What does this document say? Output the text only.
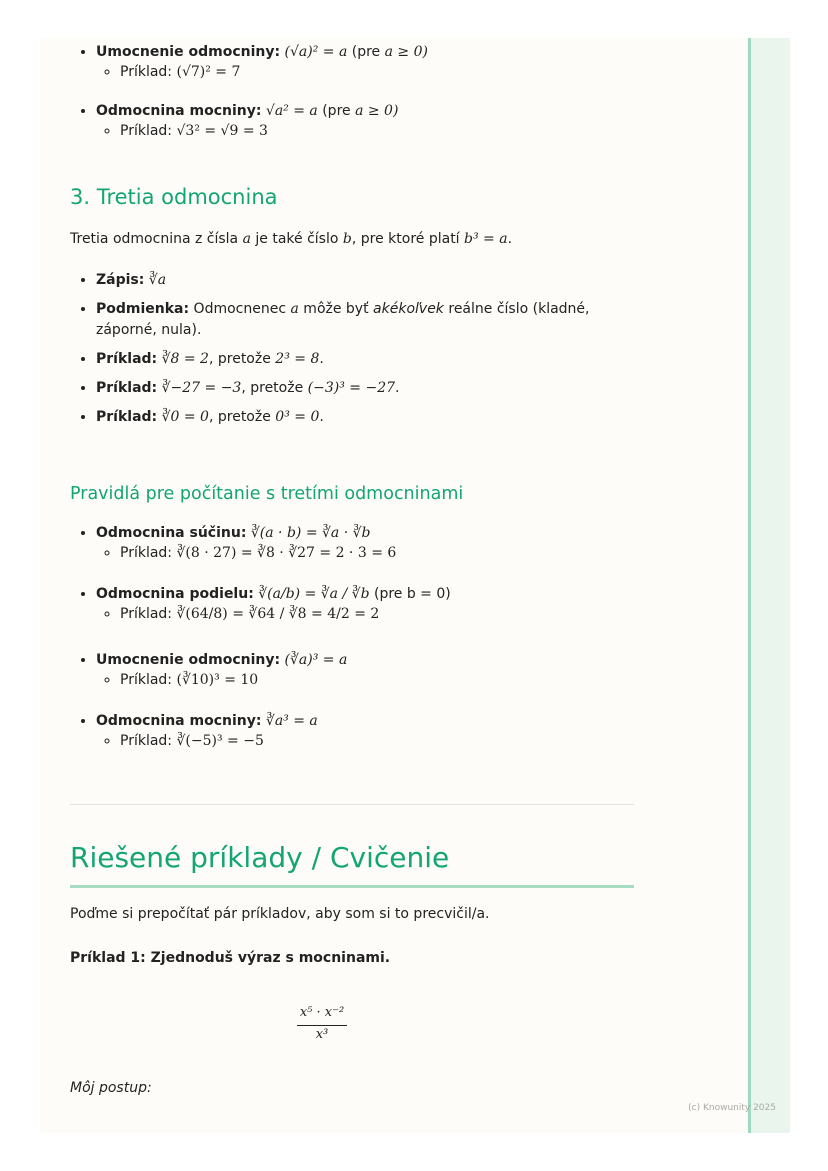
• Umocnenie odmocniny: (√a)² = a (pre a ≥ 0)
◦ Príklad: (√7)² = 7
• Odmocnina mocniny: √a² = a (pre a ≥ 0)
◦ Príklad: √3² = √9 = 3
3. Tretia odmocnina
Tretia odmocnina z čísla a je také číslo b, pre ktoré platí b³ = a.
• Zápis: ∛a
• Podmienka: Odmocnenec a môže byť akékoľvek reálne číslo (kladné, záporné, nula).
• Príklad: ∛8 = 2, pretože 2³ = 8.
• Príklad: ∛−27 = −3, pretože (−3)³ = −27.
• Príklad: ∛0 = 0, pretože 0³ = 0.
Pravidlá pre počítanie s tretími odmocninami
• Odmocnina súčinu: ∛(a · b) = ∛a · ∛b
◦ Príklad: ∛(8 · 27) = ∛8 · ∛27 = 2 · 3 = 6
• Odmocnina podielu: ∛(a/b) = ∛a / ∛b (pre b = 0)
◦ Príklad: ∛(64/8) = ∛64 / ∛8 = 4/2 = 2
• Umocnenie odmocniny: (∛a)³ = a
◦ Príklad: (∛10)³ = 10
• Odmocnina mocniny: ∛a³ = a
◦ Príklad: ∛(−5)³ = −5
Riešené príklady / Cvičenie
Poďme si prepočítať pár príkladov, aby som si to precvičil/a.
Príklad 1: Zjednoduš výraz s mocninami.
$\frac{\text{x⁵ · x⁻²}}{\text{x³}}$
Môj postup:
(c) Knowunity 2025
